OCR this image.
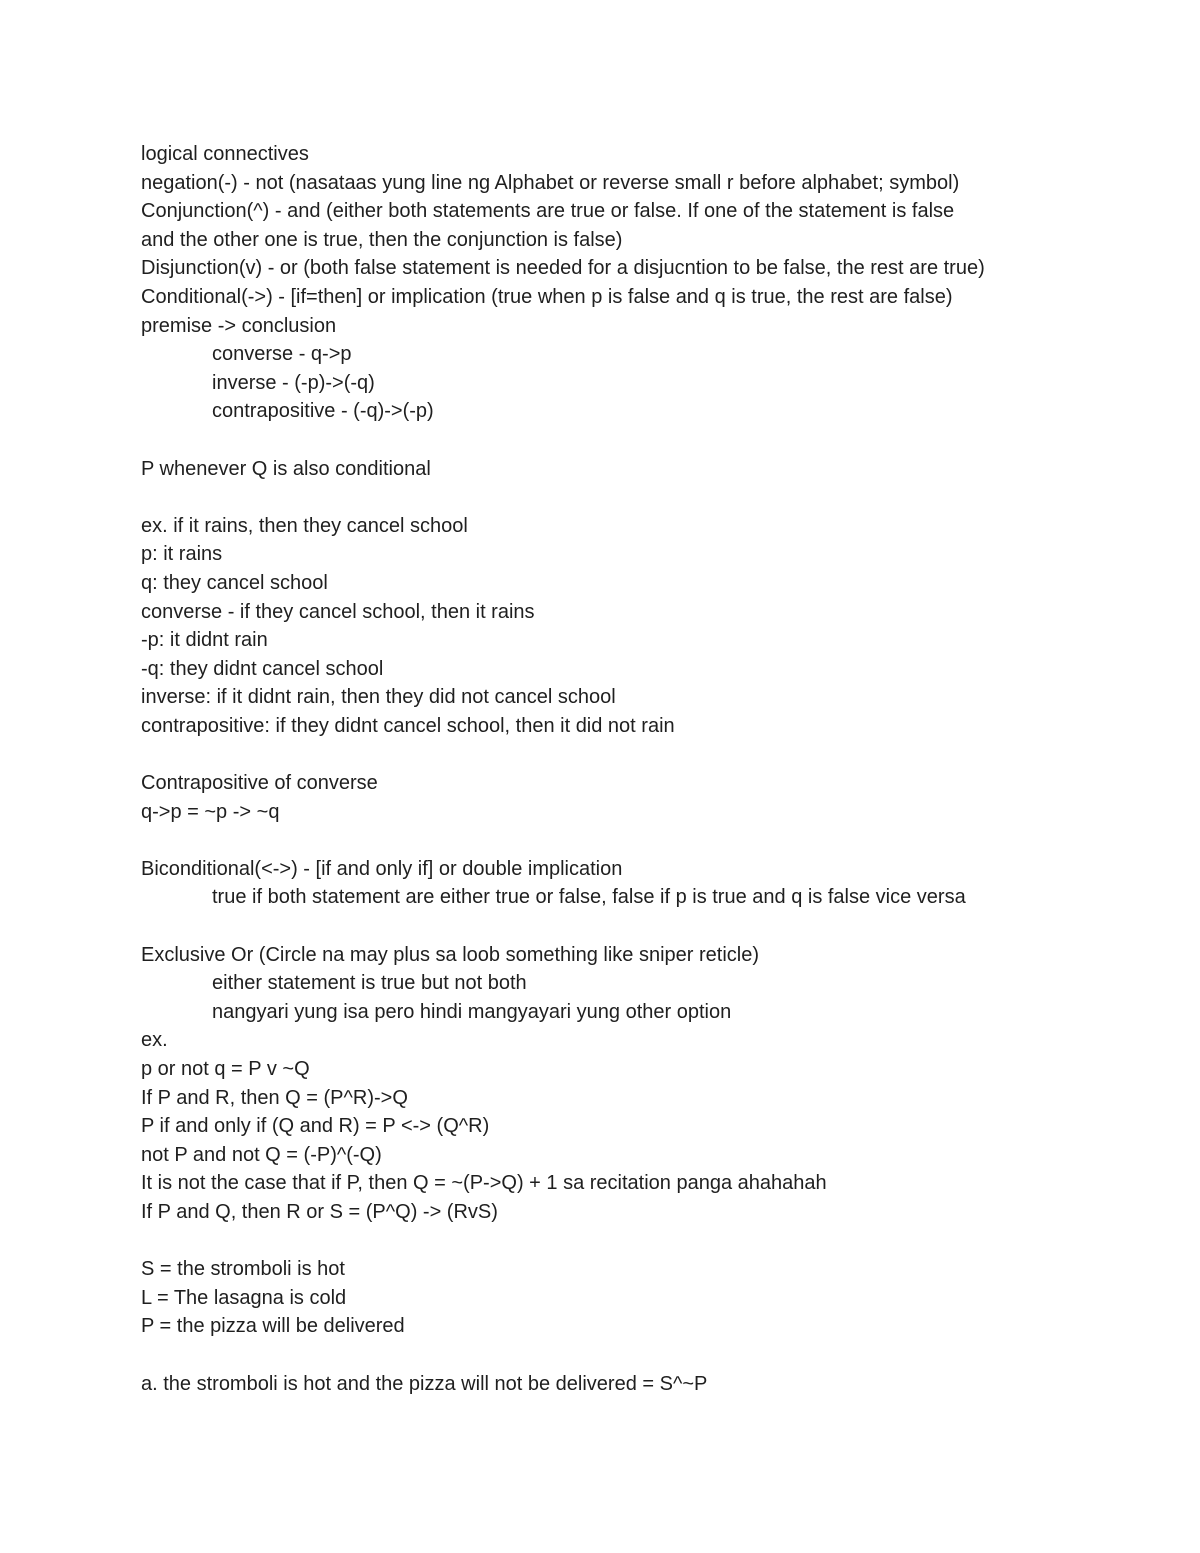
logical connectives
negation(-) - not (nasataas yung line ng Alphabet or reverse small r before alphabet; symbol)
Conjunction(^) - and (either both statements are true or false. If one of the statement is false
and the other one is true, then the conjunction is false)
Disjunction(v) - or (both false statement is needed for a disjucntion to be false, the rest are true)
Conditional(->) - [if=then] or implication (true when p is false and q is true, the rest are false)
premise -> conclusion
converse - q->p
inverse - (-p)->(-q)
contrapositive - (-q)->(-p)
P whenever Q is also conditional
ex. if it rains, then they cancel school
p: it rains
q: they cancel school
converse - if they cancel school, then it rains
-p: it didnt rain
-q: they didnt cancel school
inverse: if it didnt rain, then they did not cancel school
contrapositive: if they didnt cancel school, then it did not rain
Contrapositive of converse
q->p = ~p -> ~q
Biconditional(<->) - [if and only if] or double implication
true if both statement are either true or false, false if p is true and q is false vice versa
Exclusive Or (Circle na may plus sa loob something like sniper reticle)
either statement is true but not both
nangyari yung isa pero hindi mangyayari yung other option
ex.
p or not q = P v ~Q
If P and R, then Q = (P^R)->Q
P if and only if (Q and R) = P <-> (Q^R)
not P and not Q = (-P)^(-Q)
It is not the case that if P, then Q = ~(P->Q) + 1 sa recitation panga ahahahah
If P and Q, then R or S = (P^Q) -> (RvS)
S = the stromboli is hot
L = The lasagna is cold
P = the pizza will be delivered
a. the stromboli is hot and the pizza will not be delivered = S^~P
